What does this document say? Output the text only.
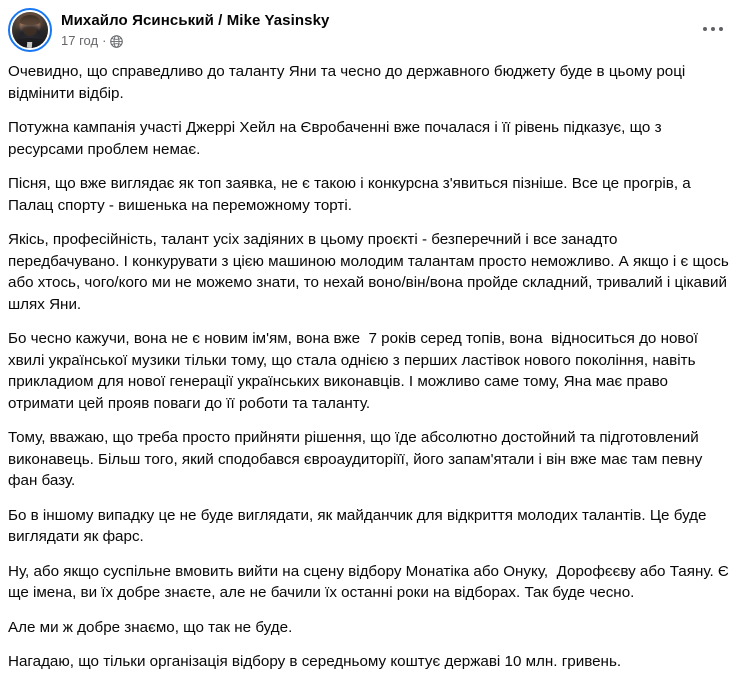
Михайло Ясинський / Mike Yasinsky
17 год ·

Очевидно, що справедливо до таланту Яни та чесно до державного бюджету буде в цьому році відмінити відбір.

Потужна кампанія участі Джеррі Хейл на Євробаченні вже почалася і її рівень підказує, що з ресурсами проблем немає.

Пісня, що вже виглядає як топ заявка, не є такою і конкурсна з'явиться пізніше. Все це прогрів, а Палац спорту - вишенька на переможному торті.

Якісь, професійність, талант усіх задіяних в цьому проєкті - безперечний і все занадто передбачувано. І конкурувати з цією машиною молодим талантам просто неможливо. А якщо і є щось або хтось, чого/кого ми не можемо знати, то нехай воно/він/вона пройде складний, тривалий і цікавий шлях Яни.

Бо чесно кажучи, вона не є новим ім'ям, вона вже  7 років серед топів, вона  відноситься до нової хвилі української музики тільки тому, що стала однією з перших ластівок нового покоління, навіть прикладиом для нової генерації українських виконавців. І можливо саме тому, Яна має право отримати цей прояв поваги до її роботи та таланту.

Тому, вважаю, що треба просто прийняти рішення, що їде абсолютно достойний та підготовлений виконавець. Більш того, який сподобався євроаудиторіїї, його запам'ятали і він вже має там певну фан базу.

Бо в іншому випадку це не буде виглядати, як майданчик для відкриття молодих талантів. Це буде виглядати як фарс.

Ну, або якщо суспільне вмовить вийти на сцену відбору Монатіка або Онуку,  Дорофєєву або Таяну. Є ще імена, ви їх добре знаєте, але не бачили їх останні роки на відборах. Так буде чесно.

Але ми ж добре знаємо, що так не буде.

Нагадаю, що тільки організація відбору в середньому коштує державі 10 млн. гривень.
